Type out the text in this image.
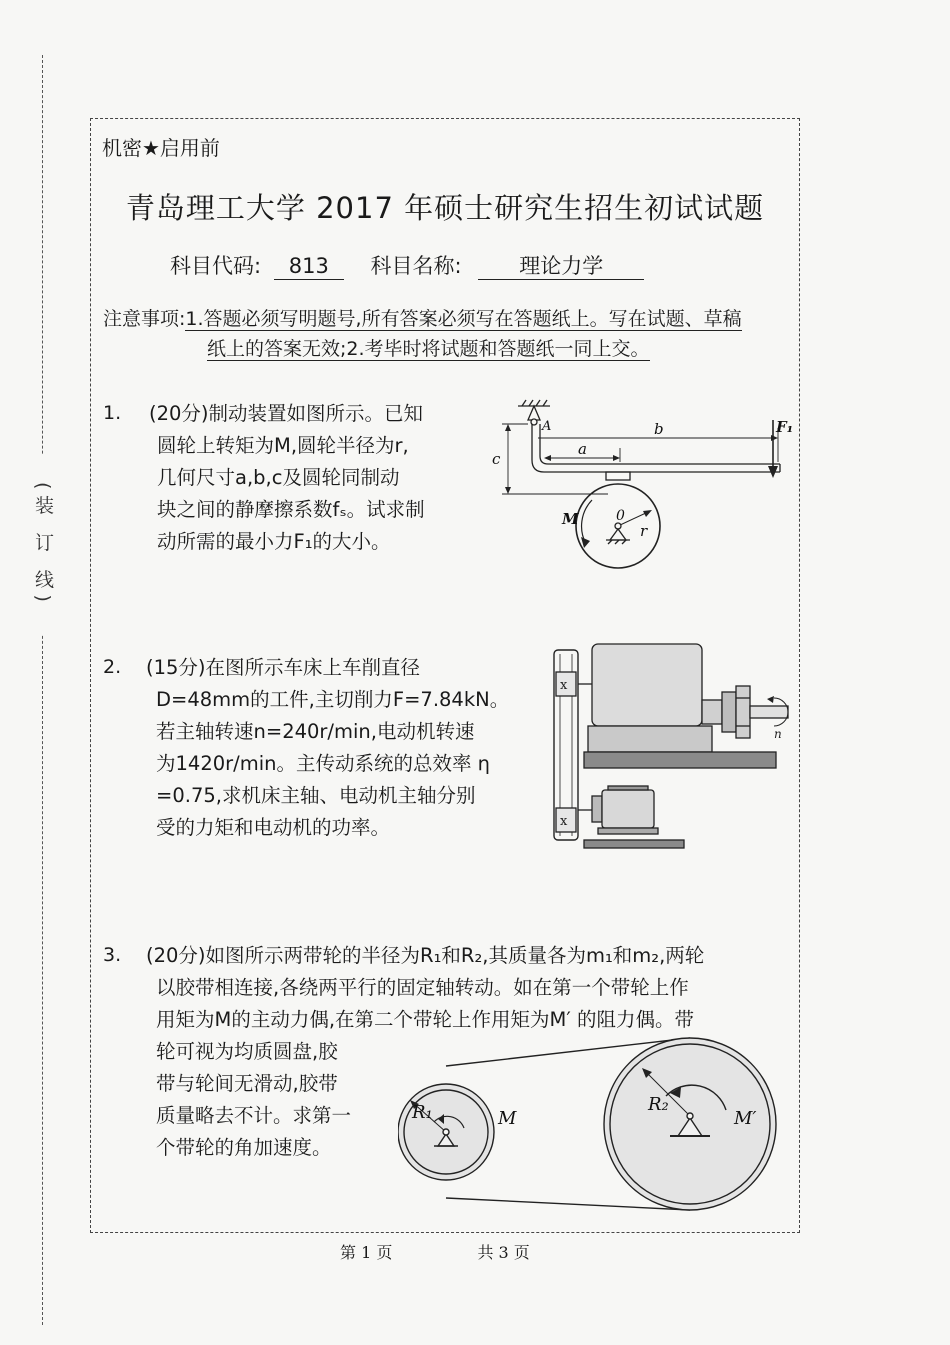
(装 订 线)
机密★启用前
青岛理工大学 2017 年硕士研究生招生初试试题
科目代码: 813 科目名称:	理论力学
注意事项:1.答题必须写明题号,所有答案必须写在答题纸上。写在试题、草稿
纸上的答案无效;2.考毕时将试题和答题纸一同上交。
1. (20分)制动装置如图所示。已知
圆轮上转矩为M,圆轮半径为r,
几何尺寸a,b,c及圆轮同制动
块之间的静摩擦系数fₛ。试求制
动所需的最小力F₁的大小。
A
a
b
c
F₁
M	0
r
2. (15分)在图所示车床上车削直径
D=48mm的工件,主切削力F=7.84kN。
若主轴转速n=240r/min,电动机转速
为1420r/min。主传动系统的总效率 η
=0.75,求机床主轴、电动机主轴分别
受的力矩和电动机的功率。
x
x
n
3. (20分)如图所示两带轮的半径为R₁和R₂,其质量各为m₁和m₂,两轮
以胶带相连接,各绕两平行的固定轴转动。如在第一个带轮上作
用矩为M的主动力偶,在第二个带轮上作用矩为M′ 的阻力偶。带
轮可视为均质圆盘,胶
带与轮间无滑动,胶带
质量略去不计。求第一
个带轮的角加速度。
R₁	M
R₂
M′
第 1 页	共 3 页
